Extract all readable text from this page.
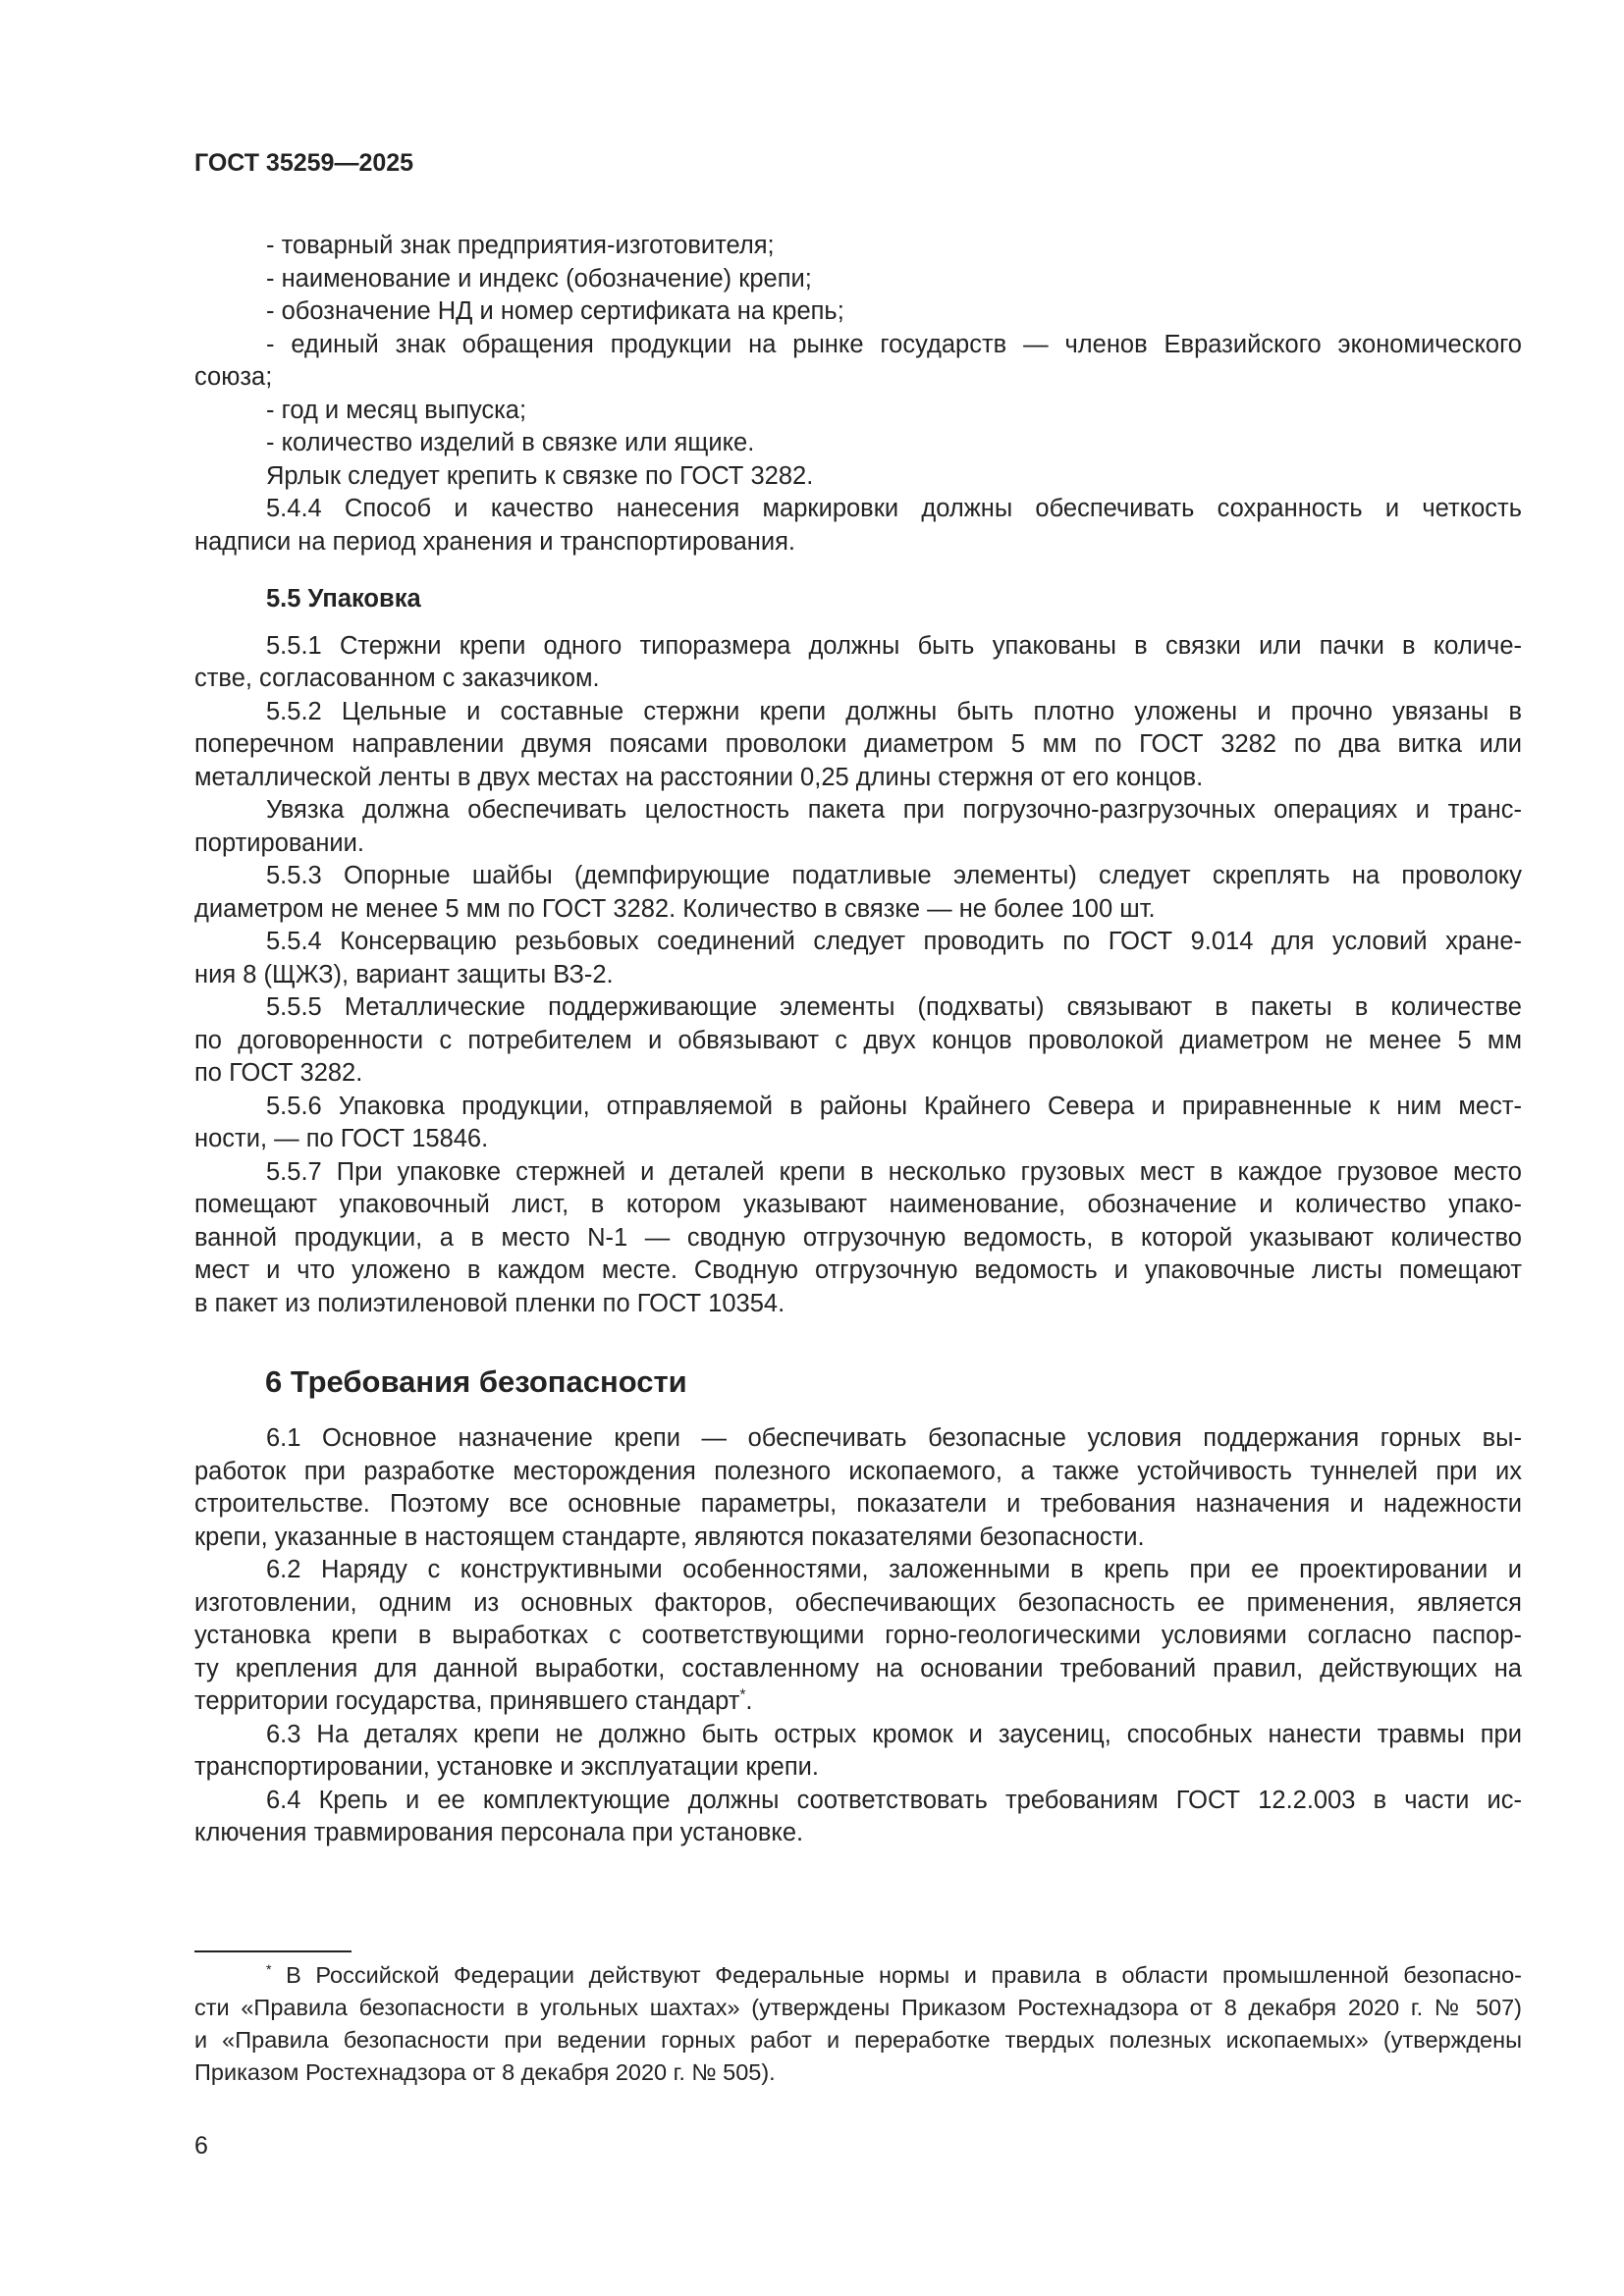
ГОСТ 35259—2025
- товарный знак предприятия-изготовителя;
- наименование и индекс (обозначение) крепи;
- обозначение НД и номер сертификата на крепь;
- единый знак обращения продукции на рынке государств — членов Евразийского экономического
союза;
- год и месяц выпуска;
- количество изделий в связке или ящике.
Ярлык следует крепить к связке по ГОСТ 3282.
5.4.4 Способ и качество нанесения маркировки должны обеспечивать сохранность и четкость
надписи на период хранения и транспортирования.
5.5 Упаковка
5.5.1 Стержни крепи одного типоразмера должны быть упакованы в связки или пачки в количе-
стве, согласованном с заказчиком.
5.5.2 Цельные и составные стержни крепи должны быть плотно уложены и прочно увязаны в
поперечном направлении двумя поясами проволоки диаметром 5 мм по ГОСТ 3282 по два витка или
металлической ленты в двух местах на расстоянии 0,25 длины стержня от его концов.
Увязка должна обеспечивать целостность пакета при погрузочно-разгрузочных операциях и транс-
портировании.
5.5.3 Опорные шайбы (демпфирующие податливые элементы) следует скреплять на проволоку
диаметром не менее 5 мм по ГОСТ 3282. Количество в связке — не более 100 шт.
5.5.4 Консервацию резьбовых соединений следует проводить по ГОСТ 9.014 для условий хране-
ния 8 (ЩЖЗ), вариант защиты ВЗ-2.
5.5.5 Металлические поддерживающие элементы (подхваты) связывают в пакеты в количестве
по договоренности с потребителем и обвязывают с двух концов проволокой диаметром не менее 5 мм
по ГОСТ 3282.
5.5.6 Упаковка продукции, отправляемой в районы Крайнего Севера и приравненные к ним мест-
ности, — по ГОСТ 15846.
5.5.7 При упаковке стержней и деталей крепи в несколько грузовых мест в каждое грузовое место
помещают упаковочный лист, в котором указывают наименование, обозначение и количество упако-
ванной продукции, а в место N-1 — сводную отгрузочную ведомость, в которой указывают количество
мест и что уложено в каждом месте. Сводную отгрузочную ведомость и упаковочные листы помещают
в пакет из полиэтиленовой пленки по ГОСТ 10354.
6 Требования безопасности
6.1 Основное назначение крепи — обеспечивать безопасные условия поддержания горных вы-
работок при разработке месторождения полезного ископаемого, а также устойчивость туннелей при их
строительстве. Поэтому все основные параметры, показатели и требования назначения и надежности
крепи, указанные в настоящем стандарте, являются показателями безопасности.
6.2 Наряду с конструктивными особенностями, заложенными в крепь при ее проектировании и
изготовлении, одним из основных факторов, обеспечивающих безопасность ее применения, является
установка крепи в выработках с соответствующими горно-геологическими условиями согласно паспор-
ту крепления для данной выработки, составленному на основании требований правил, действующих на
территории государства, принявшего стандарт*.
6.3 На деталях крепи не должно быть острых кромок и заусениц, способных нанести травмы при
транспортировании, установке и эксплуатации крепи.
6.4 Крепь и ее комплектующие должны соответствовать требованиям ГОСТ 12.2.003 в части ис-
ключения травмирования персонала при установке.
* В Российской Федерации действуют Федеральные нормы и правила в области промышленной безопасно-
сти «Правила безопасности в угольных шахтах» (утверждены Приказом Ростехнадзора от 8 декабря 2020 г. № 507)
и «Правила безопасности при ведении горных работ и переработке твердых полезных ископаемых» (утверждены
Приказом Ростехнадзора от 8 декабря 2020 г. № 505).
6
